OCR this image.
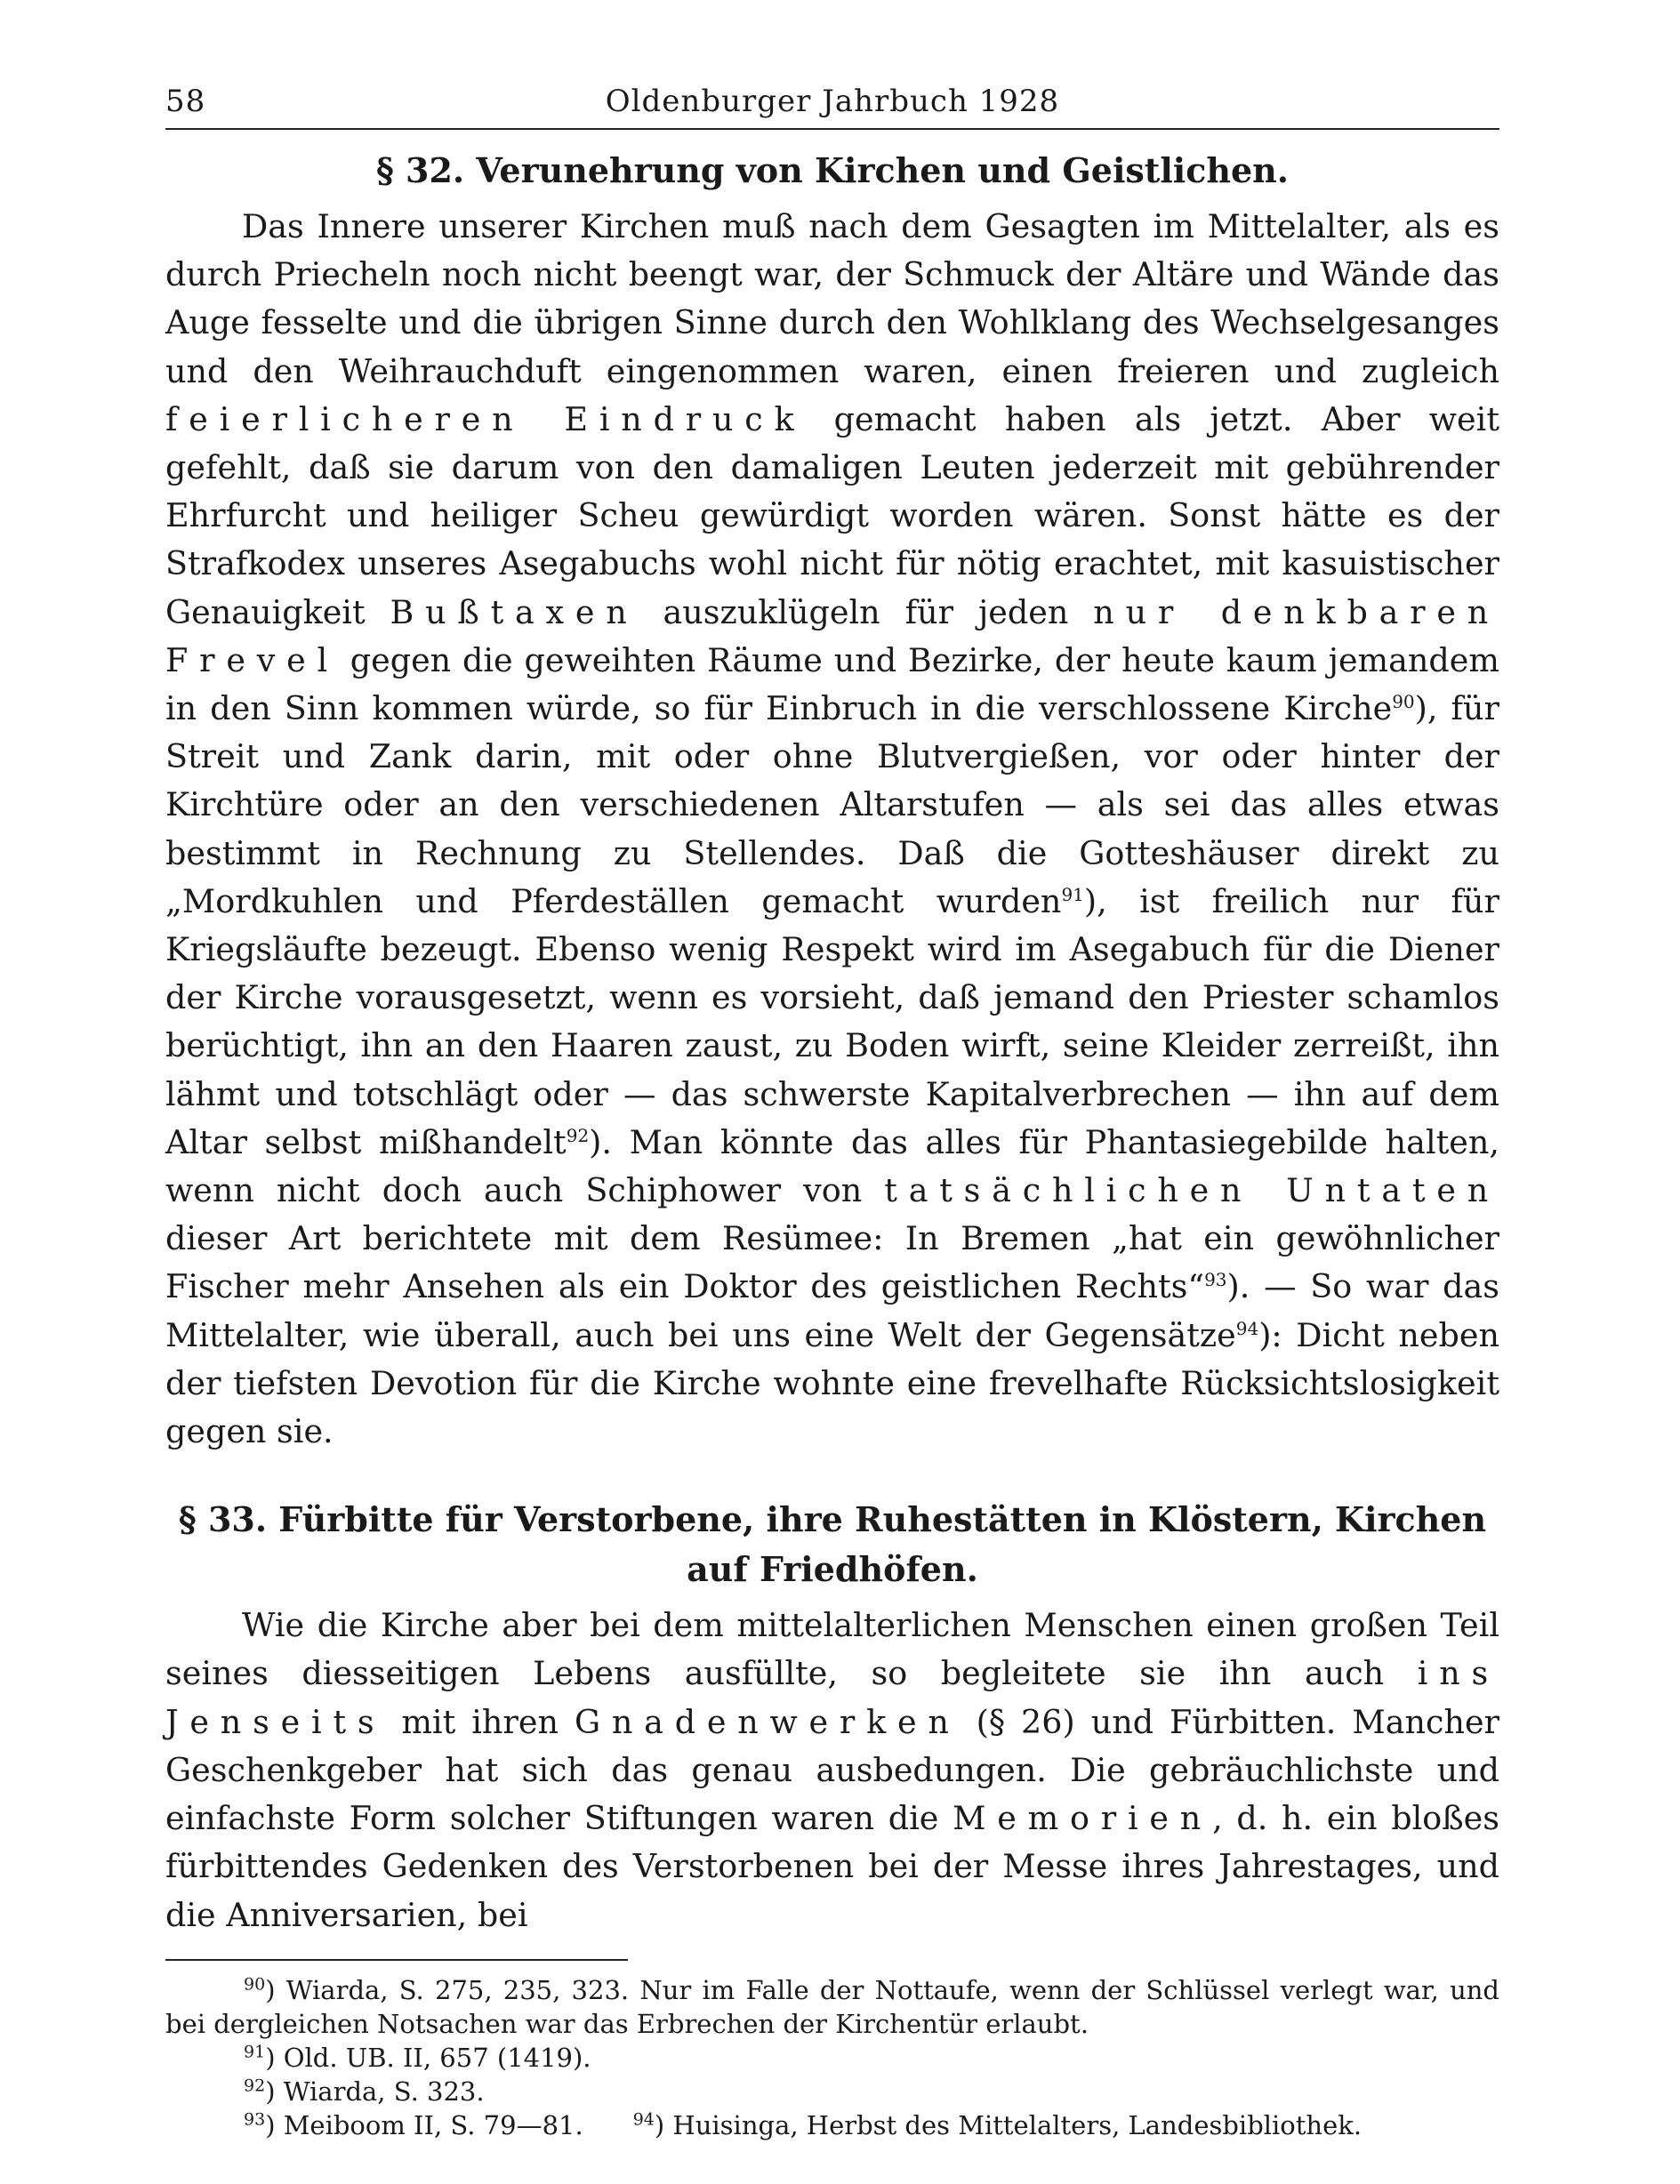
58	Oldenburger Jahrbuch 1928
§ 32. Verunehrung von Kirchen und Geistlichen.

Das Innere unserer Kirchen muß nach dem Gesagten im Mittelalter, als es durch Priecheln noch nicht beengt war, der Schmuck der Altäre und Wände das Auge fesselte und die übrigen Sinne durch den Wohlklang des Wechselgesanges und den Weihrauchduft eingenommen waren, einen freieren und zugleich feierlicheren Eindruck gemacht haben als jetzt. Aber weit gefehlt, daß sie darum von den damaligen Leuten jederzeit mit gebührender Ehrfurcht und heiliger Scheu gewürdigt worden wären. Sonst hätte es der Strafkodex unseres Asegabuchs wohl nicht für nötig erachtet, mit kasuistischer Genauigkeit Bußtaxen auszuklügeln für jeden nur denkbaren Frevel gegen die geweihten Räume und Bezirke, der heute kaum jemandem in den Sinn kommen würde, so für Einbruch in die verschlossene Kirche$^{90}$), für Streit und Zank darin, mit oder ohne Blutvergießen, vor oder hinter der Kirchtüre oder an den verschiedenen Altarstufen — als sei das alles etwas bestimmt in Rechnung zu Stellendes. Daß die Gotteshäuser direkt zu „Mordkuhlen und Pferdeställen gemacht wurden$^{91}$), ist freilich nur für Kriegsläufte bezeugt. Ebenso wenig Respekt wird im Asegabuch für die Diener der Kirche vorausgesetzt, wenn es vorsieht, daß jemand den Priester schamlos berüchtigt, ihn an den Haaren zaust, zu Boden wirft, seine Kleider zerreißt, ihn lähmt und totschlägt oder — das schwerste Kapitalverbrechen — ihn auf dem Altar selbst mißhandelt$^{92}$). Man könnte das alles für Phantasiegebilde halten, wenn nicht doch auch Schiphower von tatsächlichen Untaten dieser Art berichtete mit dem Resümee: In Bremen „hat ein gewöhnlicher Fischer mehr Ansehen als ein Doktor des geistlichen Rechts“$^{93}$). — So war das Mittelalter, wie überall, auch bei uns eine Welt der Gegensätze$^{94}$): Dicht neben der tiefsten Devotion für die Kirche wohnte eine frevelhafte Rücksichtslosigkeit gegen sie.

§ 33. Fürbitte für Verstorbene, ihre Ruhestätten in Klöstern, Kirchen
auf Friedhöfen.

Wie die Kirche aber bei dem mittelalterlichen Menschen einen großen Teil seines diesseitigen Lebens ausfüllte, so begleitete sie ihn auch ins Jenseits mit ihren Gnadenwerken (§ 26) und Fürbitten. Mancher Geschenkgeber hat sich das genau ausbedungen. Die gebräuchlichste und einfachste Form solcher Stiftungen waren die Memorien, d. h. ein bloßes fürbittendes Gedenken des Verstorbenen bei der Messe ihres Jahrestages, und die Anniversarien, bei

$^{90}$) Wiarda, S. 275, 235, 323. Nur im Falle der Nottaufe, wenn der Schlüssel verlegt war, und bei dergleichen Notsachen war das Erbrechen der Kirchentür erlaubt.

$^{91}$) Old. UB. II, 657 (1419).

$^{92}$) Wiarda, S. 323.

$^{93}$) Meiboom II, S. 79—81.	$^{94}$) Huisinga, Herbst des Mittelalters, Landesbibliothek.
